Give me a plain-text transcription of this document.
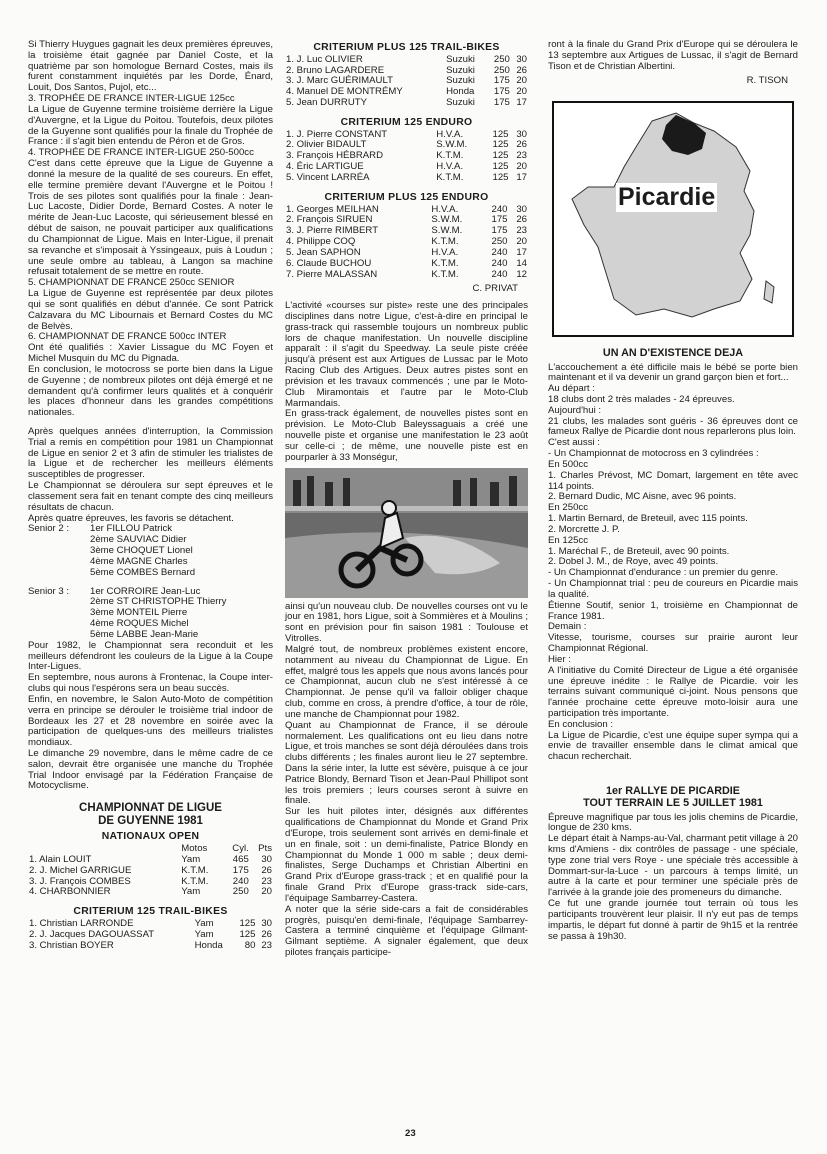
Si Thierry Huygues gagnait les deux premières épreuves, la troisième était gagnée par Daniel Coste, et la quatrième par son homologue Bernard Costes, mais ils furent constamment inquiétés par les Dorde, Énard, Louit, Dos Santos, Pujol, etc...

3. TROPHÉE DE FRANCE INTER-LIGUE 125cc

La Ligue de Guyenne termine troisième derrière la Ligue d'Auvergne, et la Ligue du Poitou. Toutefois, deux pilotes de la Guyenne sont qualifiés pour la finale du Trophée de France : il s'agit bien entendu de Péron et de Gros.

4. TROPHÉE DE FRANCE INTER-LIGUE 250-500cc

C'est dans cette épreuve que la Ligue de Guyenne a donné la mesure de la qualité de ses coureurs. En effet, elle termine première devant l'Auvergne et le Poitou ! Trois de ses pilotes sont qualifiés pour la finale : Jean-Luc Lacoste, Didier Dorde, Bernard Costes. A noter le mérite de Jean-Luc Lacoste, qui sérieusement blessé en début de saison, ne pouvait participer aux qualifications du Championnat de Ligue. Mais en Inter-Ligue, il prenait sa revanche et s'imposait à Yssingeaux, puis à Loudun ; une seule ombre au tableau, à Langon sa machine refusait totalement de se mettre en route.

5. CHAMPIONNAT DE FRANCE 250cc SENIOR

La Ligue de Guyenne est représentée par deux pilotes qui se sont qualifiés en début d'année. Ce sont Patrick Calzavara du MC Libournais et Bernard Costes du MC de Belvès.

6. CHAMPIONNAT DE FRANCE 500cc INTER

Ont été qualifiés : Xavier Lissague du MC Foyen et Michel Musquin du MC du Pignada.

En conclusion, le motocross se porte bien dans la Ligue de Guyenne ; de nombreux pilotes ont déjà émergé et ne demandent qu'à confirmer leurs qualités et à conquérir les places d'honneur dans les grandes compétitions nationales.

Après quelques années d'interruption, la Commission Trial a remis en compétition pour 1981 un Championnat de Ligue en senior 2 et 3 afin de stimuler les trialistes de la Ligue et de rechercher les meilleurs éléments susceptibles de progresser.

Le Championnat se déroulera sur sept épreuves et le classement sera fait en tenant compte des cinq meilleurs résultats de chacun.

Après quatre épreuves, les favoris se détachent.

Senior 2 :	1er FILLOU Patrick
2ème SAUVIAC Didier
3ème CHOQUET Lionel
4ème MAGNE Charles
5ème COMBES Bernard
Senior 3 :	1er CORROIRE Jean-Luc
2ème ST CHRISTOPHE Thierry
3ème MONTEIL Pierre
4ème ROQUES Michel
5ème LABBE Jean-Marie

Pour 1982, le Championnat sera reconduit et les meilleurs défendront les couleurs de la Ligue à la Coupe Inter-Ligues.

En septembre, nous aurons à Frontenac, la Coupe inter-clubs qui nous l'espérons sera un beau succès.

Enfin, en novembre, le Salon Auto-Moto de compétition verra en principe se dérouler le troisième trial indoor de Bordeaux les 27 et 28 novembre en soirée avec la participation de quelques-uns des meilleurs trialistes mondiaux.

Le dimanche 29 novembre, dans le même cadre de ce salon, devrait être organisée une manche du Trophée Trial Indoor envisagé par la Fédération Française de Motocyclisme.

CHAMPIONNAT DE LIGUE
DE GUYENNE 1981
NATIONAUX OPEN
	Motos	Cyl.	Pts
1. Alain LOUIT	Yam	465	30
2. J. Michel GARRIGUE	K.T.M.	175	26
3. J. François COMBES	K.T.M.	240	23
4. CHARBONNIER	Yam	250	20
CRITERIUM 125 TRAIL-BIKES
1. Christian LARRONDE	Yam	125	30
2. J. Jacques DAGOUASSAT	Yam	125	26
3. Christian BOYER	Honda	80	23
CRITERIUM PLUS 125 TRAIL-BIKES
1. J. Luc OLIVIER	Suzuki	250	30
2. Bruno LAGARDERE	Suzuki	250	26
3. J. Marc GUÉRIMAULT	Suzuki	175	20
4. Manuel DE MONTRÉMY	Honda	175	20
5. Jean DURRUTY	Suzuki	175	17
CRITERIUM 125 ENDURO
1. J. Pierre CONSTANT	H.V.A.	125	30
2. Olivier BIDAULT	S.W.M.	125	26
3. François HÉBRARD	K.T.M.	125	23
4. Éric LARTIGUE	H.V.A.	125	20
5. Vincent LARRÉA	K.T.M.	125	17
CRITERIUM PLUS 125 ENDURO
1. Georges MEILHAN	H.V.A.	240	30
2. François SIRUEN	S.W.M.	175	26
3. J. Pierre RIMBERT	S.W.M.	175	23
4. Philippe COQ	K.T.M.	250	20
5. Jean SAPHON	H.V.A.	240	17
6. Claude BUCHOU	K.T.M.	240	14
7. Pierre MALASSAN	K.T.M.	240	12
C. PRIVAT

L'activité «courses sur piste» reste une des principales disciplines dans notre Ligue, c'est-à-dire en principal le grass-track qui rassemble toujours un nombreux public lors de chaque manifestation. Un nouvelle discipline apparaît : il s'agit du Speedway. La seule piste créée jusqu'à présent est aux Artigues de Lussac par le Moto Racing Club des Artigues. Deux autres pistes sont en prévision et les travaux commencés ; une par le Moto-Club Miramontais et l'autre par le Moto-Club Marmandais.

En grass-track également, de nouvelles pistes sont en prévision. Le Moto-Club Baleyssaguais a créé une nouvelle piste et organise une manifestation le 23 août sur celle-ci ; de même, une nouvelle piste est en pourparler à 33 Monségur,

ainsi qu'un nouveau club. De nouvelles courses ont vu le jour en 1981, hors Ligue, soit à Sommières et à Moulins ; sont en prévision pour fin saison 1981 : Toulouse et Vitrolles.

Malgré tout, de nombreux problèmes existent encore, notamment au niveau du Championnat de Ligue. En effet, malgré tous les appels que nous avons lancés pour ce Championnat, aucun club ne s'est intéressé à ce Championnat. Je pense qu'il va falloir obliger chaque club, comme en cross, à prendre d'office, à tour de rôle, une manche de Championnat pour 1982.

Quant au Championnat de France, il se déroule normalement. Les qualifications ont eu lieu dans notre Ligue, et trois manches se sont déjà déroulées dans trois clubs différents ; les finales auront lieu le 27 septembre. Dans la série inter, la lutte est sévère, puisque à ce jour Patrice Blondy, Bernard Tison et Jean-Paul Phillipot sont les trois premiers ; leurs courses seront à suivre en finale.

Sur les huit pilotes inter, désignés aux différentes qualifications de Championnat du Monde et Grand Prix d'Europe, trois seulement sont arrivés en demi-finale et un en finale, soit : un demi-finaliste, Patrice Blondy en Championnat du Monde 1 000 m sable ; deux demi-finalistes, Serge Duchamps et Christian Albertini en Grand Prix d'Europe grass-track ; et en qualifié pour la finale Grand Prix d'Europe grass-track side-cars, l'équipage Sambarrey-Castera.

A noter que la série side-cars a fait de considérables progrès, puisqu'en demi-finale, l'équipage Sambarrey-Castera a terminé cinquième et l'équipage Gilmant-Gilmant septième. A signaler également, que deux pilotes français participe-

ront à la finale du Grand Prix d'Europe qui se déroulera le 13 septembre aux Artigues de Lussac, il s'agit de Bernard Tison et de Christian Albertini.

R. TISON
Picardie
UN AN D'EXISTENCE DEJA

L'accouchement a été difficile mais le bébé se porte bien maintenant et il va devenir un grand garçon bien et fort...

Au départ :

18 clubs dont 2 très malades - 24 épreuves.

Aujourd'hui :

21 clubs, les malades sont guéris - 36 épreuves dont ce fameux Rallye de Picardie dont nous reparlerons plus loin.

C'est aussi :

- Un Championnat de motocross en 3 cylindrées :

En 500cc

1. Charles Prévost, MC Domart, largement en tête avec 114 points.

2. Bernard Dudic, MC Aisne, avec 96 points.

En 250cc

1. Martin Bernard, de Breteuil, avec 115 points.

2. Morcrette J. P.

En 125cc

1. Maréchal F., de Breteuil, avec 90 points.

2. Dobel J. M., de Roye, avec 49 points.

- Un Championnat d'endurance : un premier du genre.

- Un Championnat trial : peu de coureurs en Picardie mais la qualité.

Étienne Soutif, senior 1, troisième en Championnat de France 1981.

Demain :

Vitesse, tourisme, courses sur prairie auront leur Championnat Régional.

Hier :

A l'initiative du Comité Directeur de Ligue a été organisée une épreuve inédite : le Rallye de Picardie. voir les terrains suivant communiqué ci-joint. Nous pensons que l'année prochaine cette épreuve moto-loisir aura une participation très importante.

En conclusion :

La Ligue de Picardie, c'est une équipe super sympa qui a envie de travailler ensemble dans le climat amical que chacun recherchait.

1er RALLYE DE PICARDIE
TOUT TERRAIN LE 5 JUILLET 1981

Épreuve magnifique par tous les jolis chemins de Picardie, longue de 230 kms.

Le départ était à Namps-au-Val, charmant petit village à 20 kms d'Amiens - dix contrôles de passage - une spéciale, type zone trial vers Roye - une spéciale très accessible à Dommart-sur-la-Luce - un parcours à temps limité, un autre à la carte et pour terminer une spéciale près de l'arrivée à la grande joie des promeneurs du dimanche.

Ce fut une grande journée tout terrain où tous les participants trouvèrent leur plaisir. Il n'y eut pas de temps impartis, le départ fut donné à partir de 9h15 et la rentrée se passa à 19h30.

23
